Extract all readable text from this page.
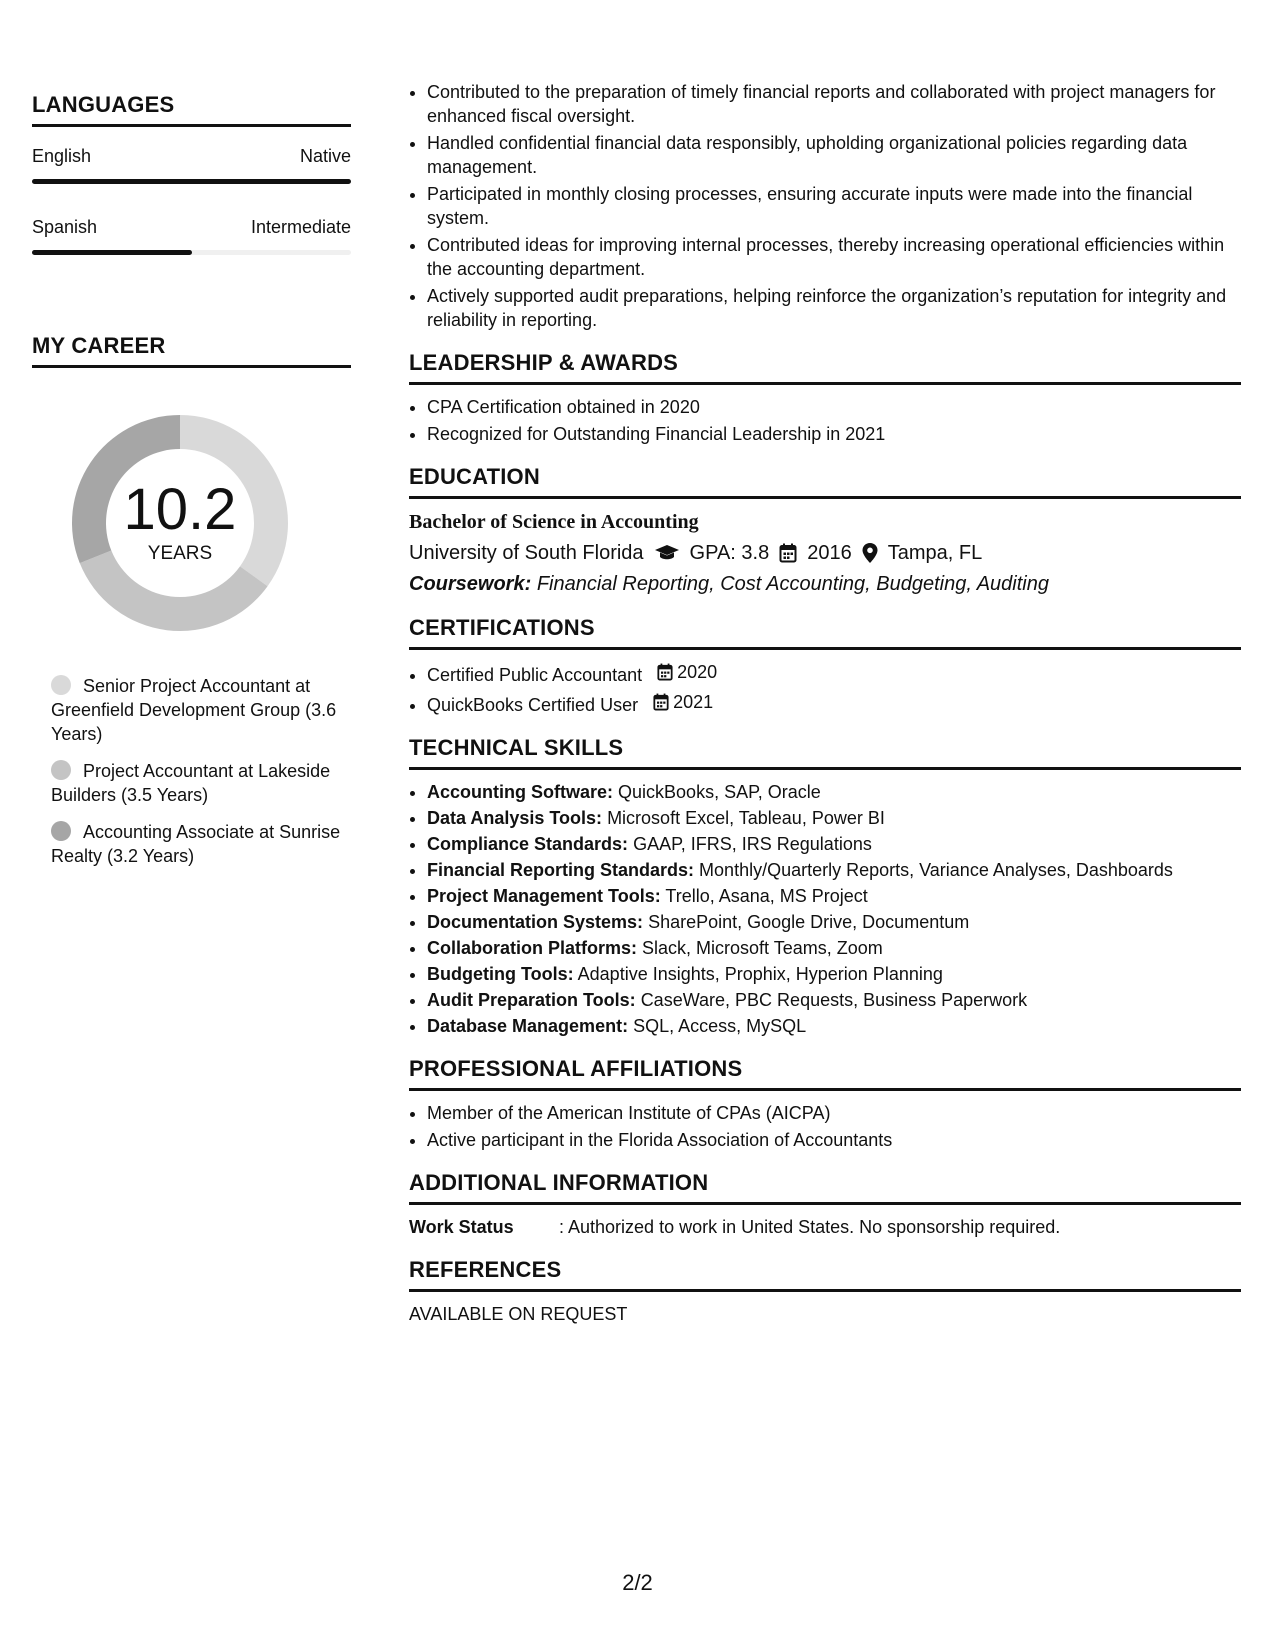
LANGUAGES
English	Native
Spanish	Intermediate
MY CAREER
10.2
YEARS
Senior Project Accountant at Greenfield Development Group (3.6 Years)
Project Accountant at Lakeside Builders (3.5 Years)
Accounting Associate at Sunrise Realty (3.2 Years)
• Contributed to the preparation of timely financial reports and collaborated with project managers for enhanced fiscal oversight.
• Handled confidential financial data responsibly, upholding organizational policies regarding data management.
• Participated in monthly closing processes, ensuring accurate inputs were made into the financial system.
• Contributed ideas for improving internal processes, thereby increasing operational efficiencies within the accounting department.
• Actively supported audit preparations, helping reinforce the organization’s reputation for integrity and reliability in reporting.
LEADERSHIP & AWARDS
• CPA Certification obtained in 2020
• Recognized for Outstanding Financial Leadership in 2021
EDUCATION
Bachelor of Science in Accounting
University of South Florida GPA: 3.8 2016 Tampa, FL
Coursework: Financial Reporting, Cost Accounting, Budgeting, Auditing
CERTIFICATIONS
• Certified Public Accountant 2020
• QuickBooks Certified User 2021
TECHNICAL SKILLS
• Accounting Software: QuickBooks, SAP, Oracle
• Data Analysis Tools: Microsoft Excel, Tableau, Power BI
• Compliance Standards: GAAP, IFRS, IRS Regulations
• Financial Reporting Standards: Monthly/Quarterly Reports, Variance Analyses, Dashboards
• Project Management Tools: Trello, Asana, MS Project
• Documentation Systems: SharePoint, Google Drive, Documentum
• Collaboration Platforms: Slack, Microsoft Teams, Zoom
• Budgeting Tools: Adaptive Insights, Prophix, Hyperion Planning
• Audit Preparation Tools: CaseWare, PBC Requests, Business Paperwork
• Database Management: SQL, Access, MySQL
PROFESSIONAL AFFILIATIONS
• Member of the American Institute of CPAs (AICPA)
• Active participant in the Florida Association of Accountants
ADDITIONAL INFORMATION
Work Status	: Authorized to work in United States. No sponsorship required.
REFERENCES
AVAILABLE ON REQUEST
2/2
